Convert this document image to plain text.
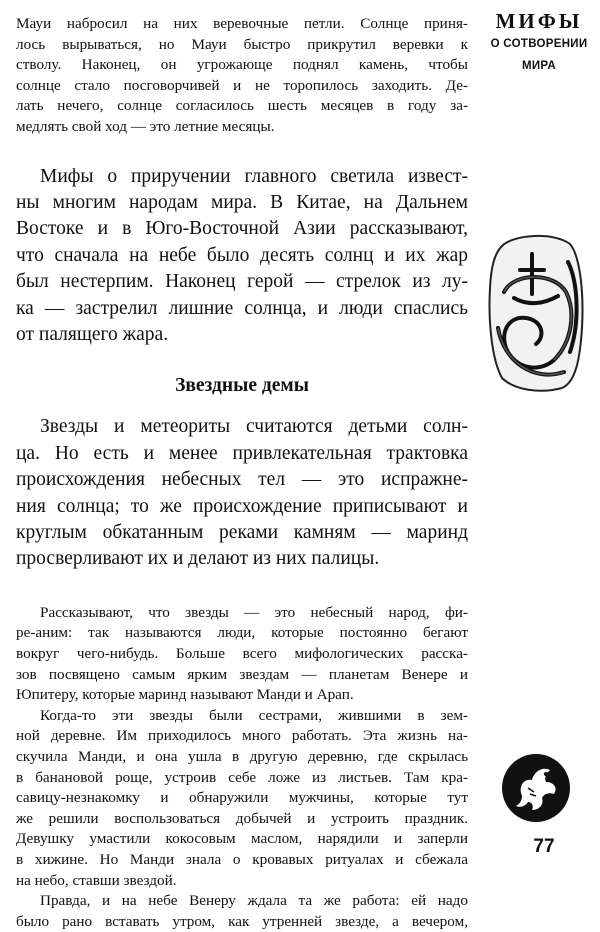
Мауи набросил на них веревочные петли. Солнце приня-
лось вырываться, но Мауи быстро прикрутил веревки к
стволу. Наконец, он угрожающе поднял камень, чтобы
солнце стало посговорчивей и не торопилось заходить. Де-
лать нечего, солнце согласилось шесть месяцев в году за-
медлять свой ход — это летние месяцы.
Мифы о приручении главного светила извест-
ны многим народам мира. В Китае, на Дальнем
Востоке и в Юго-Восточной Азии рассказывают,
что сначала на небе было десять солнц и их жар
был нестерпим. Наконец герой — стрелок из лу-
ка — застрелил лишние солнца, и люди спаслись
от палящего жара.
Звездные демы
Звезды и метеориты считаются детьми солн-
ца. Но есть и менее привлекательная трактовка
происхождения небесных тел — это испражне-
ния солнца; то же происхождение приписывают и
круглым обкатанным реками камням — маринд
просверливают их и делают из них палицы.
Рассказывают, что звезды — это небесный народ, фи-
ре-аним: так называются люди, которые постоянно бегают
вокруг чего-нибудь. Больше всего мифологических расска-
зов посвящено самым ярким звездам — планетам Венере и
Юпитеру, которые маринд называют Манди и Арап.
Когда-то эти звезды были сестрами, жившими в зем-
ной деревне. Им приходилось много работать. Эта жизнь на-
скучила Манди, и она ушла в другую деревню, где скрылась
в банановой роще, устроив себе ложе из листьев. Там кра-
савицу-незнакомку и обнаружили мужчины, которые тут
же решили воспользоваться добычей и устроить праздник.
Девушку умастили кокосовым маслом, нарядили и заперли
в хижине. Но Манди знала о кровавых ритуалах и сбежала
на небо, ставши звездой.
Правда, и на небе Венеру ждала та же работа: ей надо
было рано вставать утром, как утренней звезде, а вечером,
МИФЫ
О СОТВОРЕНИИ
МИРА
77
